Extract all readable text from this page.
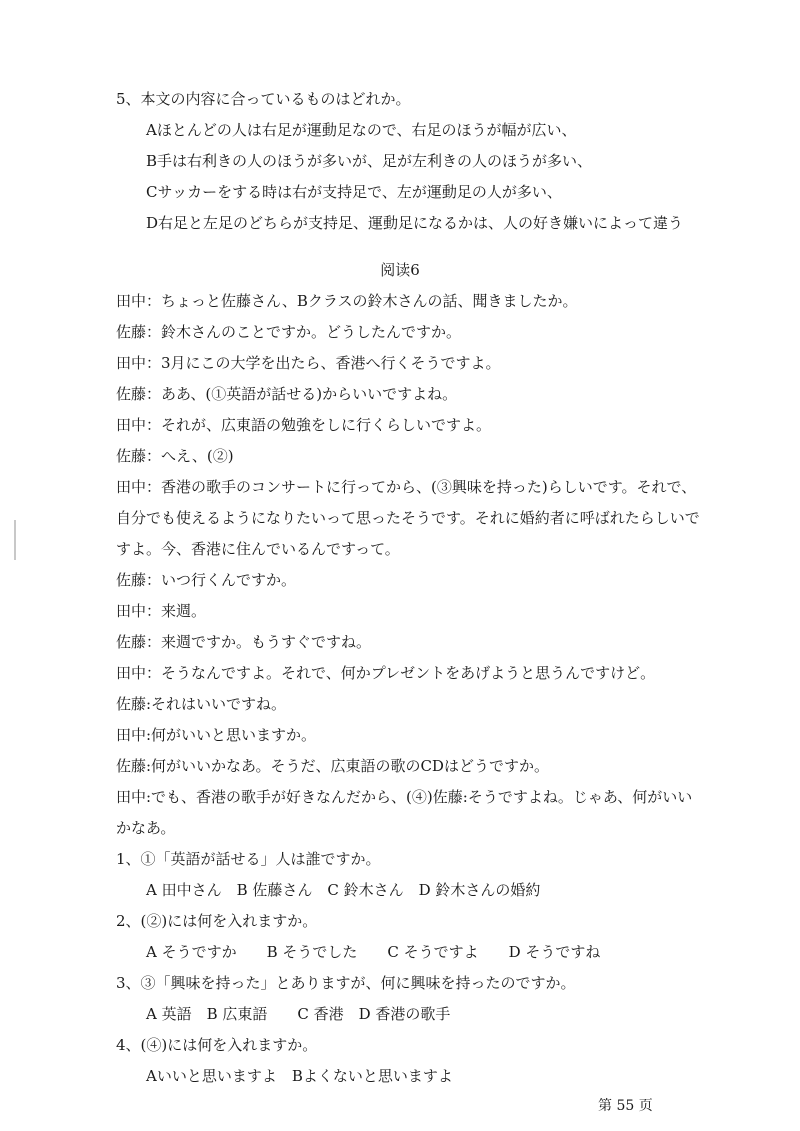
5、本文の内容に合っているものはどれか。
Aほとんどの人は右足が運動足なので、右足のほうが幅が広い、
B手は右利きの人のほうが多いが、足が左利きの人のほうが多い、
Cサッカーをする時は右が支持足で、左が運動足の人が多い、
D右足と左足のどちらが支持足、運動足になるかは、人の好き嫌いによって違う
阅读6
田中：ちょっと佐藤さん、Bクラスの鈴木さんの話、聞きましたか。
佐藤：鈴木さんのことですか。どうしたんですか。
田中：3月にこの大学を出たら、香港へ行くそうですよ。
佐藤：ああ、(①英語が話せる)からいいですよね。
田中：それが、広東語の勉強をしに行くらしいですよ。
佐藤：へえ、(②)
田中：香港の歌手のコンサートに行ってから、(③興味を持った)らしいです。それで、
自分でも使えるようになりたいって思ったそうです。それに婚約者に呼ばれたらしいで
すよ。今、香港に住んでいるんですって。
佐藤：いつ行くんですか。
田中：来週。
佐藤：来週ですか。もうすぐですね。
田中：そうなんですよ。それで、何かプレゼントをあげようと思うんですけど。
佐藤:それはいいですね。
田中:何がいいと思いますか。
佐藤:何がいいかなあ。そうだ、広東語の歌のCDはどうですか。
田中:でも、香港の歌手が好きなんだから、(④)佐藤:そうですよね。じゃあ、何がいい
かなあ。
1、①「英語が話せる」人は誰ですか。
A 田中さん　B 佐藤さん　C 鈴木さん　D 鈴木さんの婚約
2、(②)には何を入れますか。
A そうですか　　B そうでした　　C そうですよ　　D そうですね
3、③「興味を持った」とありますが、何に興味を持ったのですか。
A 英語　B 広東語　　C 香港　D 香港の歌手
4、(④)には何を入れますか。
Aいいと思いますよ　Bよくないと思いますよ
第 55 页
